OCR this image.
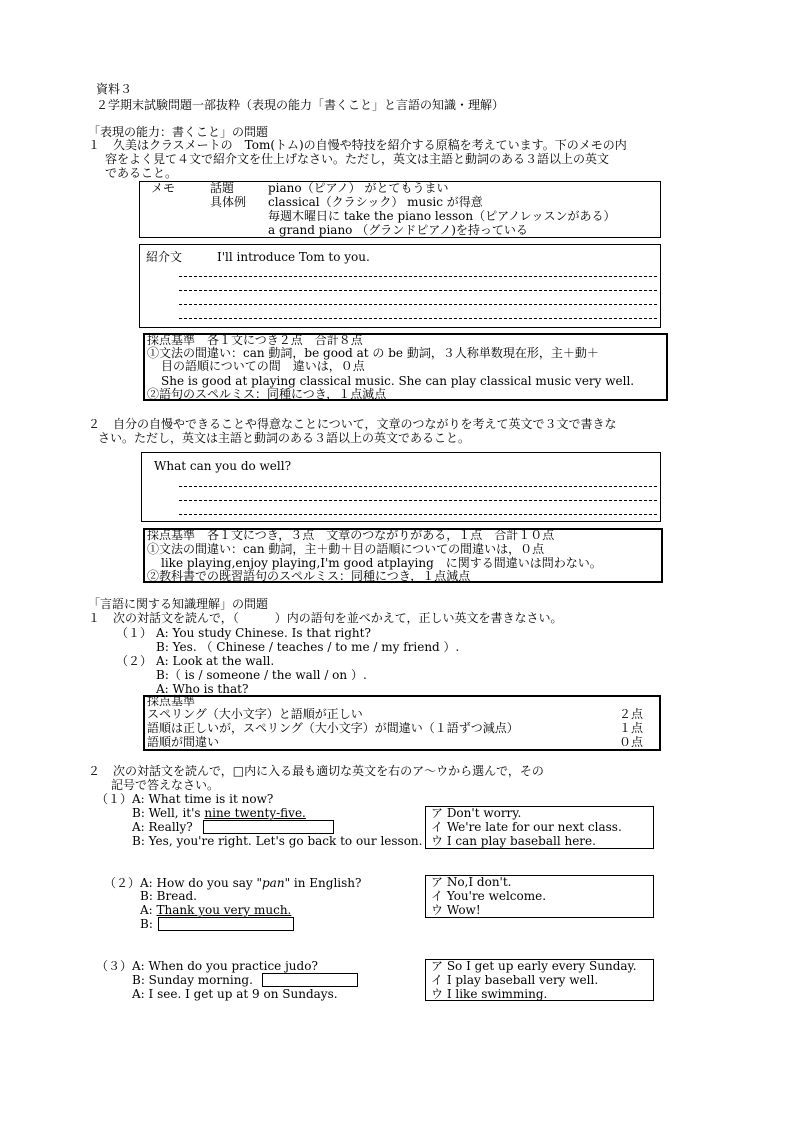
資料３
２学期末試験問題一部抜粋（表現の能力「書くこと」と言語の知識・理解）
「表現の能力：書くこと」の問題
１ 久美はクラスメートの　Tom(トム)の自慢や特技を紹介する原稿を考えています。下のメモの内
容をよく見て４文で紹介文を仕上げなさい。ただし，英文は主語と動詞のある３語以上の英文
であること。
メモ	話題	piano（ピアノ） がとてもうまい
具体例 classical（クラシック） music が得意
毎週木曜日に take the piano lesson（ピアノレッスンがある）
a grand piano （グランドピアノ)を持っている
紹介文	I'll introduce Tom to you.
採点基準　各１文につき２点　合計８点
①文法の間違い：can 動詞，be good at の be 動詞，３人称単数現在形，主＋動＋
目の語順についての間　違いは，０点
She is good at playing classical music. She can play classical music very well.
②語句のスペルミス：同種につき，１点減点
２ 自分の自慢やできることや得意なことについて，文章のつながりを考えて英文で３文で書きな
さい。ただし，英文は主語と動詞のある３語以上の英文であること。
What can you do well?
採点基準　各１文につき，３点　文章のつながりがある，１点　合計１０点
①文法の間違い：can 動詞，主＋動＋目の語順についての間違いは，０点
like playing,enjoy playing,I'm good atplaying　に関する間違いは問わない。
②教科書での既習語句のスペルミス：同種につき，１点減点
「言語に関する知識理解」の問題
１ 次の対話文を読んで，（　　　）内の語句を並べかえて，正しい英文を書きなさい。
（１） A: You study Chinese. Is that right?
B: Yes. （ Chinese / teaches / to me / my friend ）.
（２） A: Look at the wall.
B:（ is / someone / the wall / on ）.
A: Who is that?
採点基準
スペリング（大小文字）と語順が正しい	２点
語順は正しいが，スペリング（大小文字）が間違い（１語ずつ減点）	１点
語順が間違い	０点
２ 次の対話文を読んで，□内に入る最も適切な英文を右のア～ウから選んで，その
記号で答えなさい。
（１） A: What time is it now?
B: Well, it's nine twenty-five.
A: Really?
B: Yes, you're right. Let's go back to our lesson.
ア Don't worry.
イ We're late for our next class.
ウ I can play baseball here.
（２） A: How do you say "pan" in English?
B: Bread.
A: Thank you very much.
B:
ア No,I don't.
イ You're welcome.
ウ Wow!
（３） A: When do you practice judo?
B: Sunday morning.
A: I see. I get up at 9 on Sundays.
ア So I get up early every Sunday.
イ I play baseball very well.
ウ I like swimming.
